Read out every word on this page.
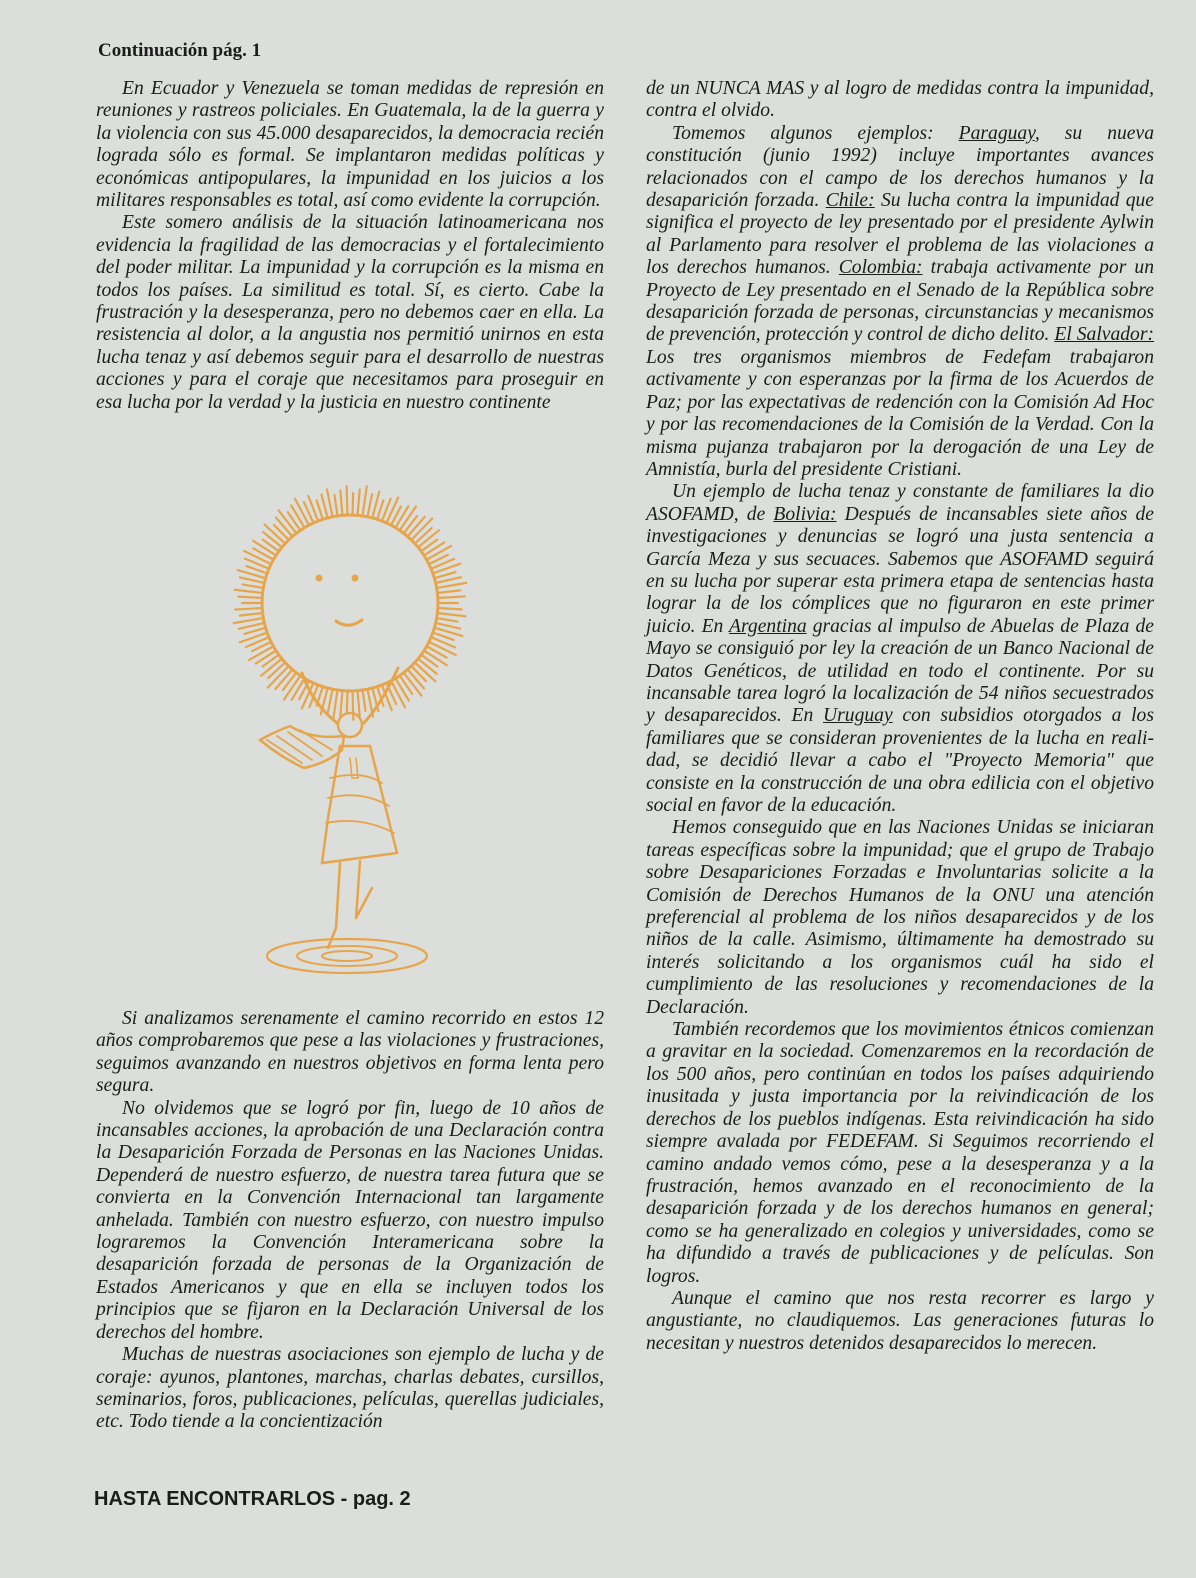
Continuación pág. 1

En Ecuador y Venezuela se toman medidas de represión en reuniones y rastreos policiales. En Guatemala, la de la guerra y la violencia con sus 45.000 desaparecidos, la democracia recién lograda sólo es formal. Se implantaron medidas políticas y económicas antipopulares, la impunidad en los juicios a los militares responsables es total, así como evidente la corrupción.

Este somero análisis de la situación latinoamericana nos evidencia la fragilidad de las democracias y el fortalecimiento del poder militar. La impunidad y la corrupción es la misma en todos los países. La similitud es total. Sí, es cierto. Cabe la frustración y la desesperanza, pero no debemos caer en ella. La resistencia al dolor, a la angustia nos permitió unirnos en esta lucha tenaz y así debemos seguir para el desarrollo de nuestras acciones y para el coraje que necesitamos para proseguir en esa lucha por la verdad y la justicia en nuestro continente

Si analizamos serenamente el camino recorrido en estos 12 años comprobaremos que pese a las violaciones y frustraciones, seguimos avanzando en nuestros objetivos en forma lenta pero segura.

No olvidemos que se logró por fin, luego de 10 años de incansables acciones, la aprobación de una Declaración contra la Desaparición Forzada de Personas en las Naciones Unidas. Dependerá de nuestro esfuerzo, de nuestra tarea futura que se convierta en la Convención Internacional tan largamente anhelada. También con nuestro esfuerzo, con nuestro impulso lograremos la Convención Interamericana sobre la desaparición forzada de personas de la Organización de Estados Americanos y que en ella se incluyen todos los principios que se fijaron en la Declaración Universal de los derechos del hombre.

Muchas de nuestras asociaciones son ejemplo de lucha y de coraje: ayunos, plantones, marchas, charlas debates, cursillos, seminarios, foros, publicaciones, películas, querellas judiciales, etc. Todo tiende a la concientización

de un NUNCA MAS y al logro de medidas contra la impunidad, contra el olvido.

Tomemos algunos ejemplos: Paraguay, su nueva constitución (junio 1992) incluye importantes avances relacionados con el campo de los derechos humanos y la desaparición forzada. Chile: Su lucha contra la impunidad que significa el proyecto de ley presentado por el presidente Aylwin al Parlamento para resolver el problema de las violaciones a los derechos humanos. Colombia: trabaja activamente por un Proyecto de Ley presentado en el Senado de la República sobre desaparición forzada de personas, circunstancias y mecanismos de prevención, protección y control de dicho delito. El Salvador: Los tres organismos miembros de Fedefam trabajaron activamente y con esperanzas por la firma de los Acuerdos de Paz; por las expectativas de redención con la Comisión Ad Hoc y por las recomendaciones de la Comisión de la Verdad. Con la misma pujanza trabajaron por la derogación de una Ley de Amnistía, burla del presidente Cristiani.

Un ejemplo de lucha tenaz y constante de familiares la dio ASOFAMD, de Bolivia: Después de incansables siete años de investigaciones y denuncias se logró una justa sentencia a García Meza y sus secuaces. Sabemos que ASOFAMD seguirá en su lucha por superar esta primera etapa de sentencias hasta lograr la de los cómplices que no figuraron en este primer juicio. En Argentina gracias al impulso de Abuelas de Plaza de Mayo se consiguió por ley la creación de un Banco Nacional de Datos Genéticos, de utilidad en todo el continente. Por su incansable tarea logró la localización de 54 niños secuestrados y desaparecidos. En Uruguay con subsidios otorgados a los familiares que se consideran provenientes de la lucha en realidad, se decidió llevar a cabo el "Proyecto Memoria" que consiste en la construcción de una obra edilicia con el objetivo social en favor de la educación.

Hemos conseguido que en las Naciones Unidas se iniciaran tareas específicas sobre la impunidad; que el grupo de Trabajo sobre Desapariciones Forzadas e Involuntarias solicite a la Comisión de Derechos Humanos de la ONU una atención preferencial al problema de los niños desaparecidos y de los niños de la calle. Asimismo, últimamente ha demostrado su interés solicitando a los organismos cuál ha sido el cumplimiento de las resoluciones y recomendaciones de la Declaración.

También recordemos que los movimientos étnicos comienzan a gravitar en la sociedad. Comenzaremos en la recordación de los 500 años, pero continúan en todos los países adquiriendo inusitada y justa importancia por la reivindicación de los derechos de los pueblos indígenas. Esta reivindicación ha sido siempre avalada por FEDEFAM. Si Seguimos recorriendo el camino andado vemos cómo, pese a la desesperanza y a la frustración, hemos avanzado en el reconocimiento de la desaparición forzada y de los derechos humanos en general; como se ha generalizado en colegios y universidades, como se ha difundido a través de publicaciones y de películas. Son logros.

Aunque el camino que nos resta recorrer es largo y angustiante, no claudiquemos. Las generaciones futuras lo necesitan y nuestros detenidos desaparecidos lo merecen.

HASTA ENCONTRARLOS - pag. 2
